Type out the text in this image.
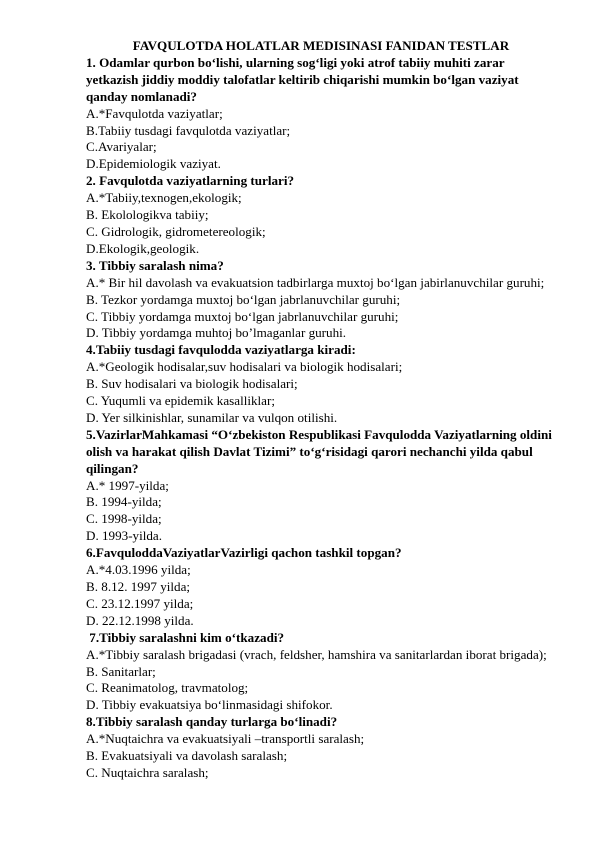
FAVQULOTDA HOLATLAR MEDISINASI FANIDAN TESTLAR
1. Odamlar qurbon bo‘lishi, ularning sog‘ligi yoki atrof tabiiy muhiti zarar yetkazish jiddiy moddiy talofatlar keltirib chiqarishi mumkin bo‘lgan vaziyat qanday nomlanadi?
A.*Favqulotda vaziyatlar;
B.Tabiiy tusdagi favqulotda vaziyatlar;
C.Avariyalar;
D.Epidemiologik vaziyat.
2. Favqulotda vaziyatlarning turlari?
A.*Tabiiy,texnogen,ekologik;
B. Ekolologikva tabiiy;
C. Gidrologik, gidrometereologik;
D.Ekologik,geologik.
3. Tibbiy saralash nima?
A.* Bir hil davolash va evakuatsion tadbirlarga muxtoj bo‘lgan jabirlanuvchilar guruhi;
B. Tezkor yordamga muxtoj bo‘lgan jabrlanuvchilar guruhi;
C. Tibbiy yordamga muxtoj bo‘lgan jabrlanuvchilar guruhi;
D. Tibbiy yordamga muhtoj bo’lmaganlar guruhi.
4.Tabiiy tusdagi favqulodda vaziyatlarga kiradi:
A.*Geologik hodisalar,suv hodisalari va biologik hodisalari;
B. Suv hodisalari va biologik hodisalari;
C. Yuqumli va epidemik kasalliklar;
D. Yer silkinishlar, sunamilar va vulqon otilishi.
5.VazirlarMahkamasi “O‘zbekiston Respublikasi Favqulodda Vaziyatlarning oldini olish va harakat qilish Davlat Tizimi” to‘g‘risidagi qarori nechanchi yilda qabul qilingan?
A.* 1997-yilda;
B. 1994-yilda;
C. 1998-yilda;
D. 1993-yilda.
6.FavquloddaVaziyatlarVazirligi qachon tashkil topgan?
A.*4.03.1996 yilda;
B. 8.12. 1997 yilda;
C. 23.12.1997 yilda;
D. 22.12.1998 yilda.
7.Tibbiy saralashni kim o‘tkazadi?
A.*Tibbiy saralash brigadasi (vrach, feldsher, hamshira va sanitarlardan iborat brigada);
B. Sanitarlar;
C. Reanimatolog, travmatolog;
D. Tibbiy evakuatsiya bo‘linmasidagi shifokor.
8.Tibbiy saralash qanday turlarga bo‘linadi?
A.*Nuqtaichra va evakuatsiyali –transportli saralash;
B. Evakuatsiyali va davolash saralash;
C. Nuqtaichra saralash;
